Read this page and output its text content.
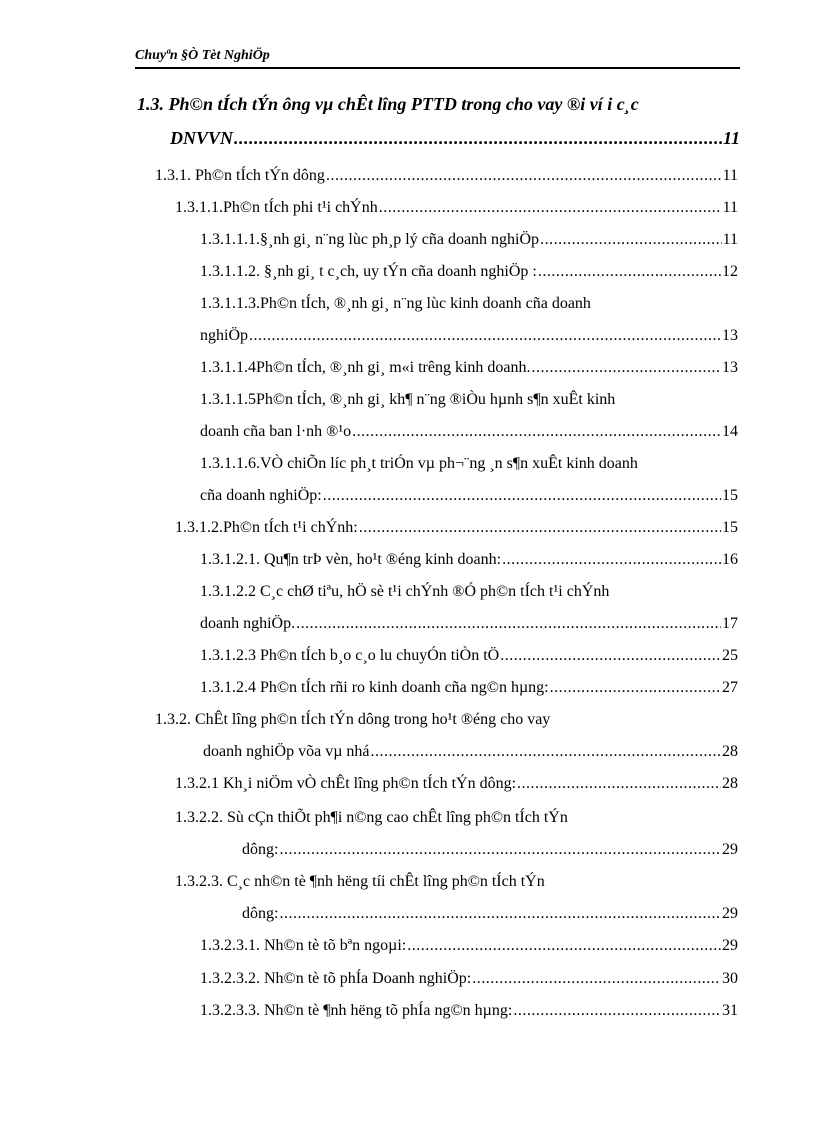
Chuyªn §Ò Tèt NghiÖp
1.3. Ph©n tÍch tÝn ông vµ chÊt lîng PTTD trong cho vay ®i ví i c¸c
DNVVN .....	11
1.3.1. Ph©n tÍch tÝn dông .....	11
1.3.1.1.Ph©n tÍch phi t¹i chÝnh .....	11
1.3.1.1.1.§¸nh gi¸ n¨ng lùc ph¸p lý cña doanh nghiÖp .....	11
1.3.1.1.2. §¸nh gi¸ t c¸ch, uy tÝn cña doanh nghiÖp : .....	12
1.3.1.1.3.Ph©n tÍch, ®¸nh gi¸ n¨ng lùc kinh doanh cña doanh
nghiÖp .....	13
1.3.1.1.4Ph©n tÍch, ®¸nh gi¸ m«i trêng kinh doanh. .....	13
1.3.1.1.5Ph©n tÍch, ®¸nh gi¸ kh¶ n¨ng ®iÒu hµnh s¶n xuÊt kinh
doanh cña ban l·nh ®¹o .....	14
1.3.1.1.6.VÒ chiÕn líc ph¸t triÓn vµ ph¬¨ng ¸n s¶n xuÊt kinh doanh
cña doanh nghiÖp: .....	15
1.3.1.2.Ph©n tÍch t¹i chÝnh: .....	15
1.3.1.2.1. Qu¶n trÞ vèn, ho¹t ®éng kinh doanh: .....	16
1.3.1.2.2 C¸c chØ tiªu, hÖ sè t¹i chÝnh ®Ó ph©n tÍch t¹i chÝnh
doanh nghiÖp. .....	17
1.3.1.2.3 Ph©n tÍch b¸o c¸o lu chuyÓn tiÒn tÖ .....	25
1.3.1.2.4 Ph©n tÍch rñi ro kinh doanh cña ng©n hµng: .....	27
1.3.2. ChÊt lîng ph©n tÍch tÝn dông trong ho¹t ®éng cho vay
doanh nghiÖp võa vµ nhá .....	28
1.3.2.1 Kh¸i niÖm vÒ chÊt lîng ph©n tÍch tÝn dông: .....	28
1.3.2.2. Sù cÇn thiÕt ph¶i n©ng cao chÊt lîng ph©n tÍch tÝn
dông: .....	29
1.3.2.3. C¸c nh©n tè ¶nh hëng tíi chÊt lîng ph©n tÍch tÝn
dông: .....	29
1.3.2.3.1. Nh©n tè tõ bªn ngoµi: .....	29
1.3.2.3.2. Nh©n tè tõ phÍa Doanh nghiÖp: .....	30
1.3.2.3.3. Nh©n tè ¶nh hëng tõ phÍa ng©n hµng: .....	31
